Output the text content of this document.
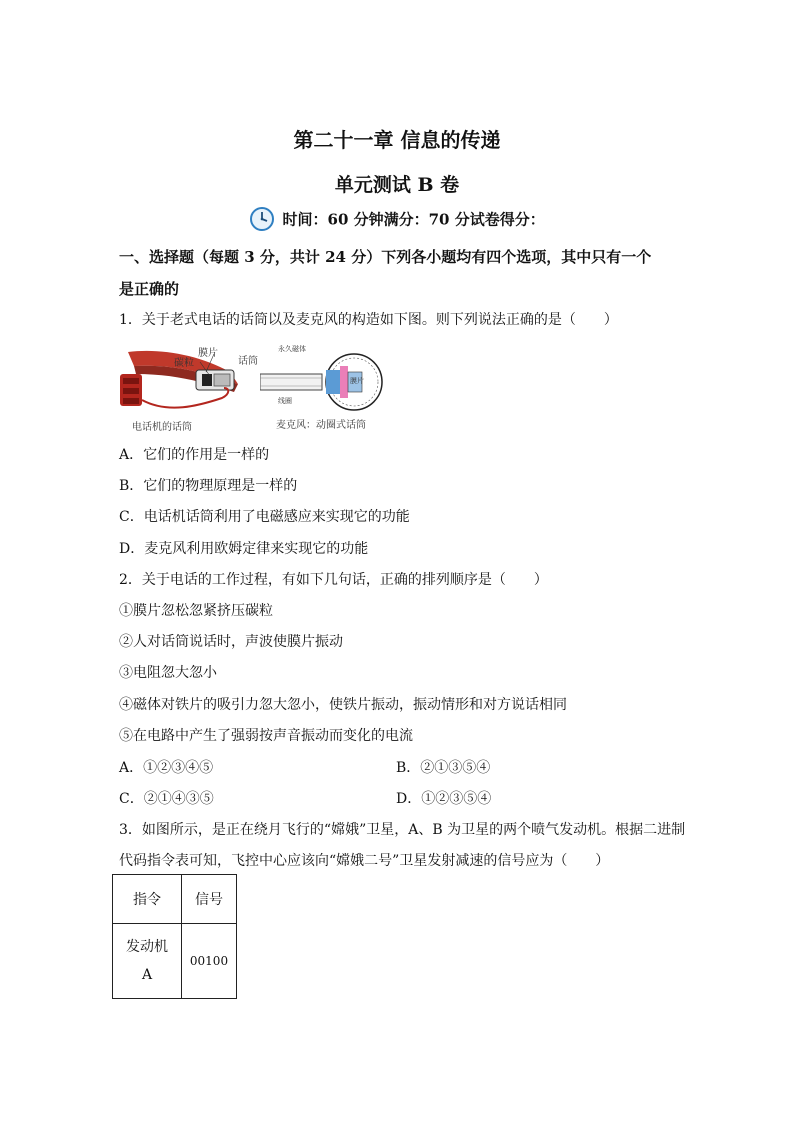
第二十一章 信息的传递
单元测试 B 卷
时间：60 分钟满分：70 分试卷得分：
一、选择题（每题 3 分，共计 24 分）下列各小题均有四个选项，其中只有一个
是正确的
1．关于老式电话的话筒以及麦克风的构造如下图。则下列说法正确的是（　　）
膜片
碳粒	话筒
电话机的话筒
永久磁体
线圈
膜片
麦克风：动圈式话筒
A．它们的作用是一样的
B．它们的物理原理是一样的
C．电话机话筒利用了电磁感应来实现它的功能
D．麦克风利用欧姆定律来实现它的功能
2．关于电话的工作过程，有如下几句话，正确的排列顺序是（　　）
①膜片忽松忽紧挤压碳粒
②人对话筒说话时，声波使膜片振动
③电阻忽大忽小
④磁体对铁片的吸引力忽大忽小，使铁片振动，振动情形和对方说话相同
⑤在电路中产生了强弱按声音振动而变化的电流
A．①②③④⑤	B．②①③⑤④
C．②①④③⑤	D．①②③⑤④
3．如图所示，是正在绕月飞行的“嫦娥”卫星，A、B 为卫星的两个喷气发动机。根据二进制
代码指令表可知，飞控中心应该向“嫦娥二号”卫星发射减速的信号应为（　　）
指令	信号
发动机
A	00100
